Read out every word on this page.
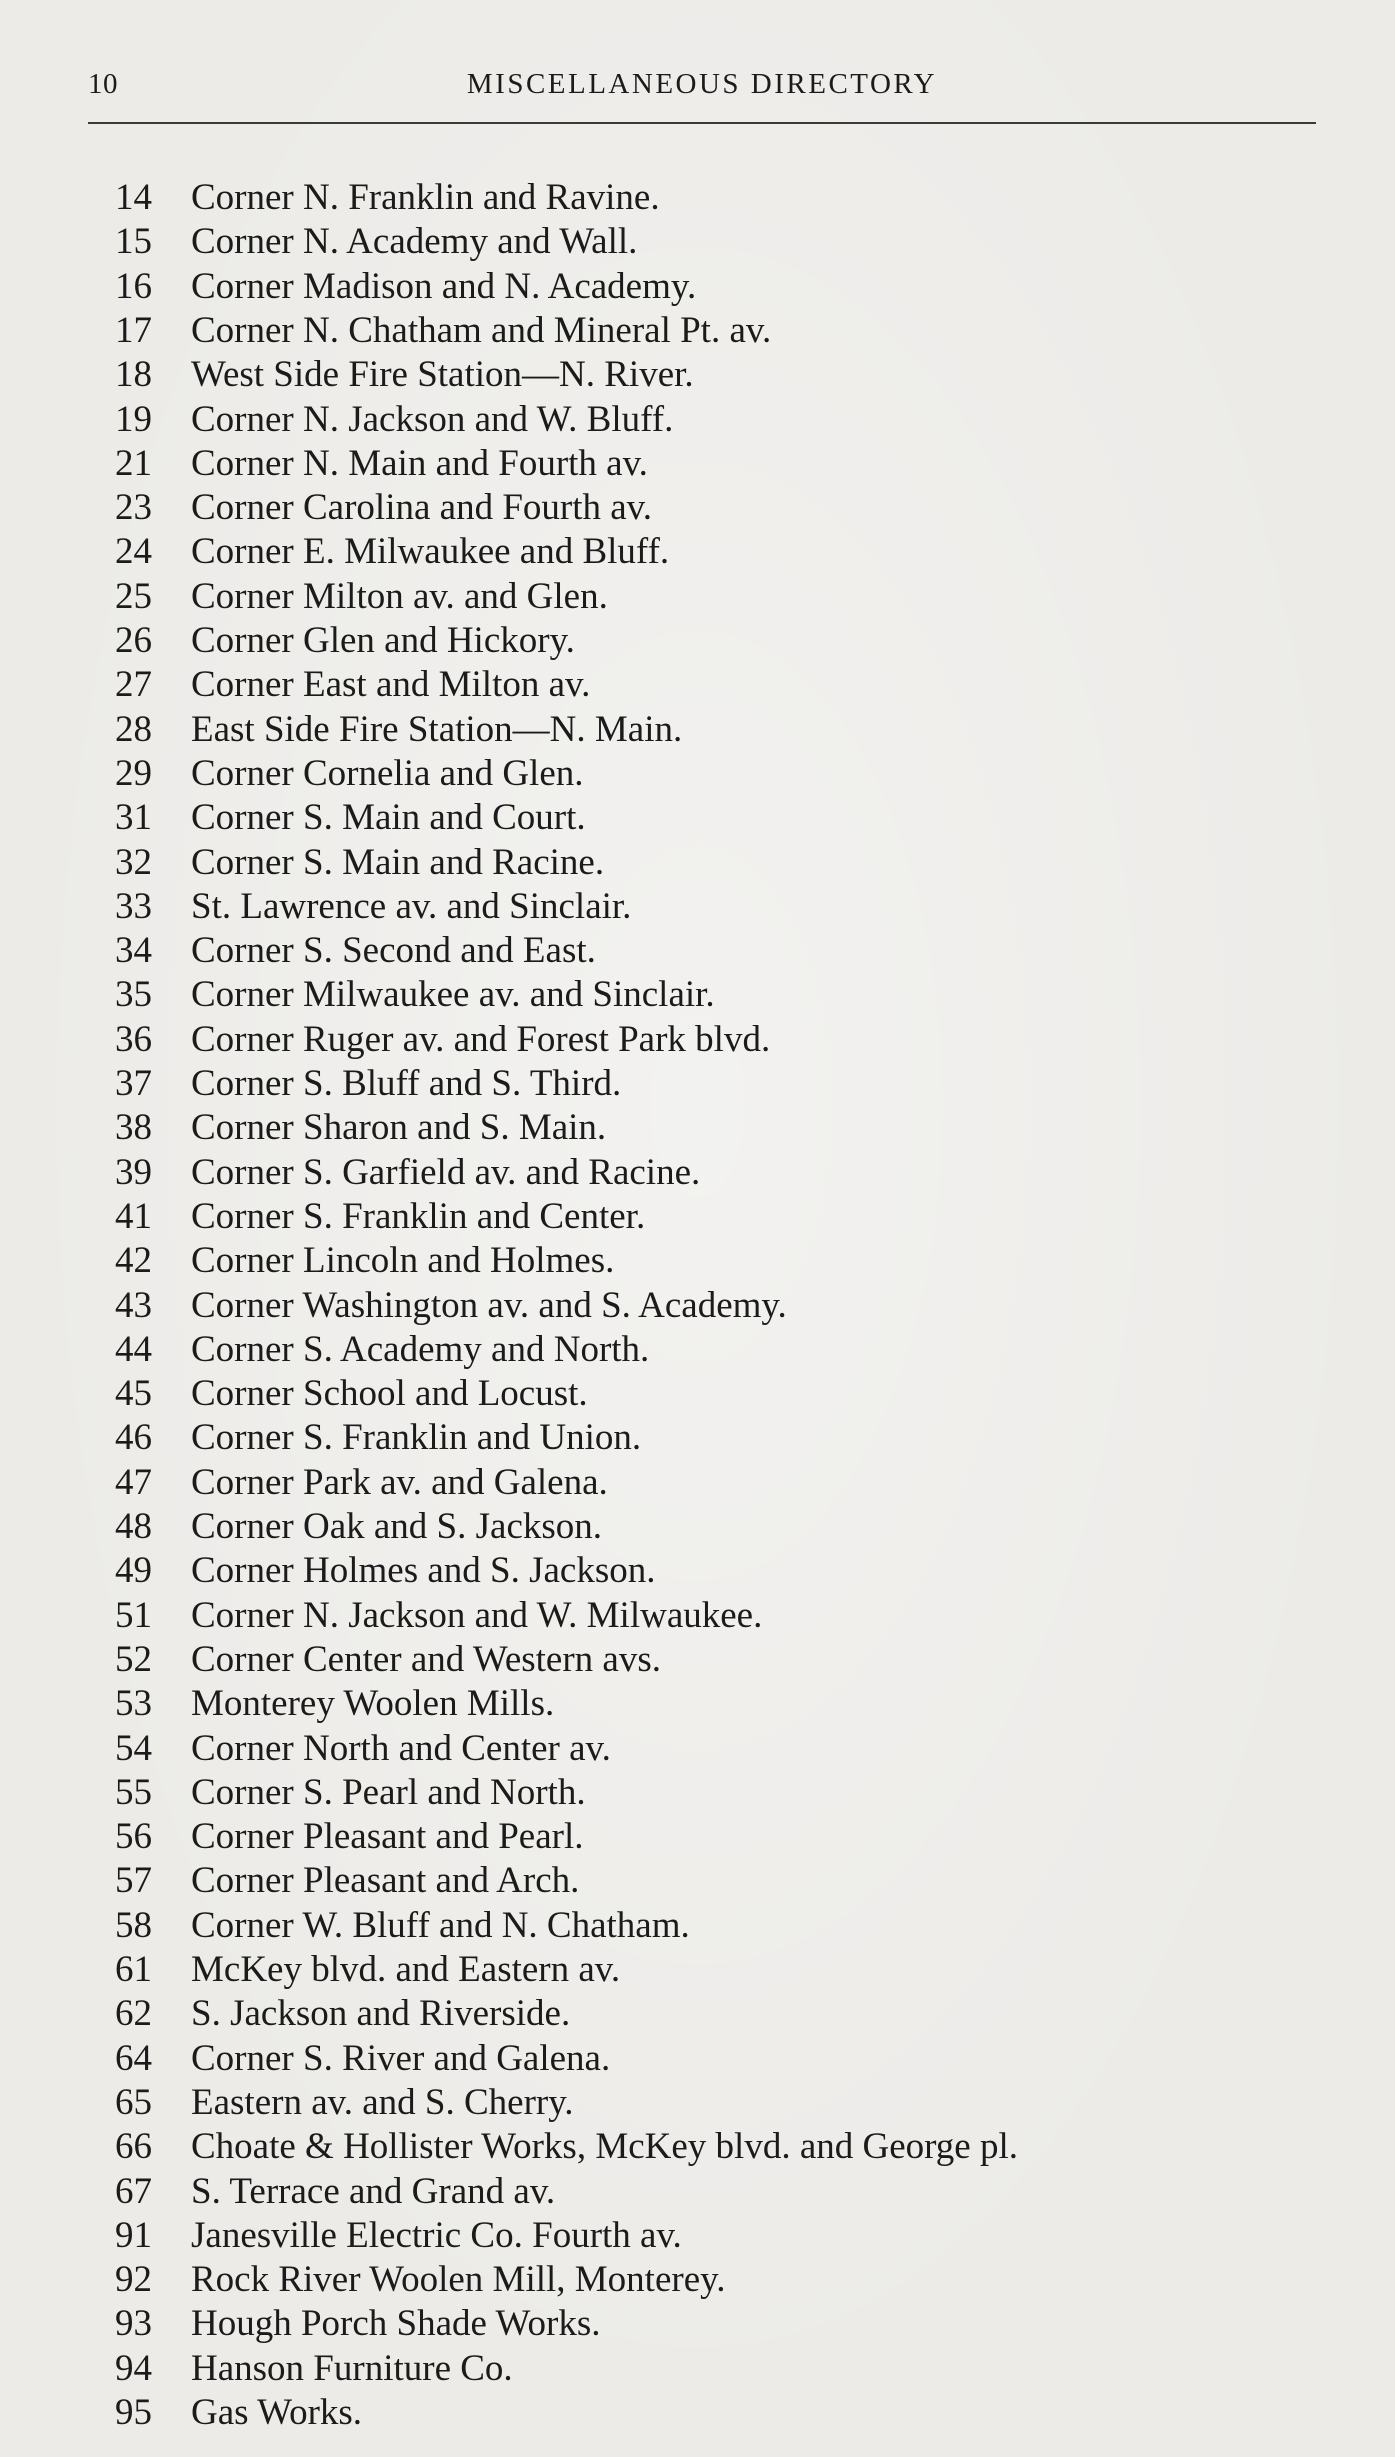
10	MISCELLANEOUS DIRECTORY
14 Corner N. Franklin and Ravine.
15 Corner N. Academy and Wall.
16 Corner Madison and N. Academy.
17 Corner N. Chatham and Mineral Pt. av.
18 West Side Fire Station—N. River.
19 Corner N. Jackson and W. Bluff.
21 Corner N. Main and Fourth av.
23 Corner Carolina and Fourth av.
24 Corner E. Milwaukee and Bluff.
25 Corner Milton av. and Glen.
26 Corner Glen and Hickory.
27 Corner East and Milton av.
28 East Side Fire Station—N. Main.
29 Corner Cornelia and Glen.
31 Corner S. Main and Court.
32 Corner S. Main and Racine.
33 St. Lawrence av. and Sinclair.
34 Corner S. Second and East.
35 Corner Milwaukee av. and Sinclair.
36 Corner Ruger av. and Forest Park blvd.
37 Corner S. Bluff and S. Third.
38 Corner Sharon and S. Main.
39 Corner S. Garfield av. and Racine.
41 Corner S. Franklin and Center.
42 Corner Lincoln and Holmes.
43 Corner Washington av. and S. Academy.
44 Corner S. Academy and North.
45 Corner School and Locust.
46 Corner S. Franklin and Union.
47 Corner Park av. and Galena.
48 Corner Oak and S. Jackson.
49 Corner Holmes and S. Jackson.
51 Corner N. Jackson and W. Milwaukee.
52 Corner Center and Western avs.
53 Monterey Woolen Mills.
54 Corner North and Center av.
55 Corner S. Pearl and North.
56 Corner Pleasant and Pearl.
57 Corner Pleasant and Arch.
58 Corner W. Bluff and N. Chatham.
61 McKey blvd. and Eastern av.
62 S. Jackson and Riverside.
64 Corner S. River and Galena.
65 Eastern av. and S. Cherry.
66 Choate & Hollister Works, McKey blvd. and George pl.
67 S. Terrace and Grand av.
91 Janesville Electric Co. Fourth av.
92 Rock River Woolen Mill, Monterey.
93 Hough Porch Shade Works.
94 Hanson Furniture Co.
95 Gas Works.
